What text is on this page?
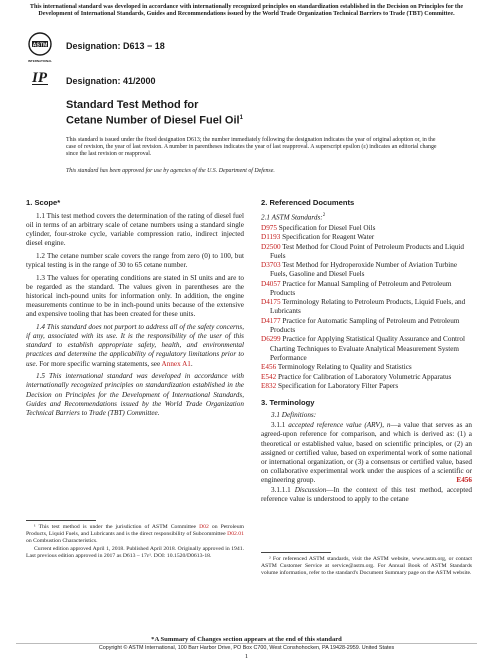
This international standard was developed in accordance with internationally recognized principles on standardization established in the Decision on Principles for the Development of International Standards, Guides and Recommendations issued by the World Trade Organization Technical Barriers to Trade (TBT) Committee.
ASTM
INTERNATIONAL
Designation: D613 − 18
IP Designation: 41/2000
Standard Test Method for
Cetane Number of Diesel Fuel Oil$^1$
This standard is issued under the fixed designation D613; the number immediately following the designation indicates the year of original adoption or, in the case of revision, the year of last revision. A number in parentheses indicates the year of last reapproval. A superscript epsilon (ε) indicates an editorial change since the last revision or reapproval.
This standard has been approved for use by agencies of the U.S. Department of Defense.

1. Scope*

1.1 This test method covers the determination of the rating of diesel fuel oil in terms of an arbitrary scale of cetane numbers using a standard single cylinder, four-stroke cycle, variable compression ratio, indirect injected diesel engine.

1.2 The cetane number scale covers the range from zero (0) to 100, but typical testing is in the range of 30 to 65 cetane number.

1.3 The values for operating conditions are stated in SI units and are to be regarded as the standard. The values given in parentheses are the historical inch-pound units for information only. In addition, the engine measurements continue to be in inch-pound units because of the extensive and expensive tooling that has been created for these units.

1.4 This standard does not purport to address all of the safety concerns, if any, associated with its use. It is the responsibility of the user of this standard to establish appropriate safety, health, and environmental practices and determine the applicability of regulatory limitations prior to use. For more specific warning statements, see Annex A1.

1.5 This international standard was developed in accordance with internationally recognized principles on standardization established in the Decision on Principles for the Development of International Standards, Guides and Recommendations issued by the World Trade Organization Technical Barriers to Trade (TBT) Committee.

¹ This test method is under the jurisdiction of ASTM Committee D02 on Petroleum Products, Liquid Fuels, and Lubricants and is the direct responsibility of Subcommittee D02.01 on Combustion Characteristics.

Current edition approved April 1, 2018. Published April 2018. Originally approved in 1941. Last previous edition approved in 2017 as D613 – 17ε¹. DOI: 10.1520/D0613-18.

2. Referenced Documents

2.1 ASTM Standards:$^2$

D975 Specification for Diesel Fuel Oils
D1193 Specification for Reagent Water
D2500 Test Method for Cloud Point of Petroleum Products and Liquid Fuels
D3703 Test Method for Hydroperoxide Number of Aviation Turbine Fuels, Gasoline and Diesel Fuels
D4057 Practice for Manual Sampling of Petroleum and Petroleum Products
D4175 Terminology Relating to Petroleum Products, Liquid Fuels, and Lubricants
D4177 Practice for Automatic Sampling of Petroleum and Petroleum Products
D6299 Practice for Applying Statistical Quality Assurance and Control Charting Techniques to Evaluate Analytical Measurement System Performance
E456 Terminology Relating to Quality and Statistics
E542 Practice for Calibration of Laboratory Volumetric Apparatus
E832 Specification for Laboratory Filter Papers

3. Terminology

3.1 Definitions:

3.1.1 accepted reference value (ARV), n—a value that serves as an agreed-upon reference for comparison, and which is derived as: (1) a theoretical or established value, based on scientific principles, or (2) an assigned or certified value, based on experimental work of some national or international organization, or (3) a consensus or certified value, based on collaborative experimental work under the auspices of a scientific or engineering group.	E456

3.1.1.1 Discussion—In the context of this test method, accepted reference value is understood to apply to the cetane

² For referenced ASTM standards, visit the ASTM website, www.astm.org, or contact ASTM Customer Service at service@astm.org. For Annual Book of ASTM Standards volume information, refer to the standard's Document Summary page on the ASTM website.

*A Summary of Changes section appears at the end of this standard
Copyright © ASTM International, 100 Barr Harbor Drive, PO Box C700, West Conshohocken, PA 19428-2959. United States
1
